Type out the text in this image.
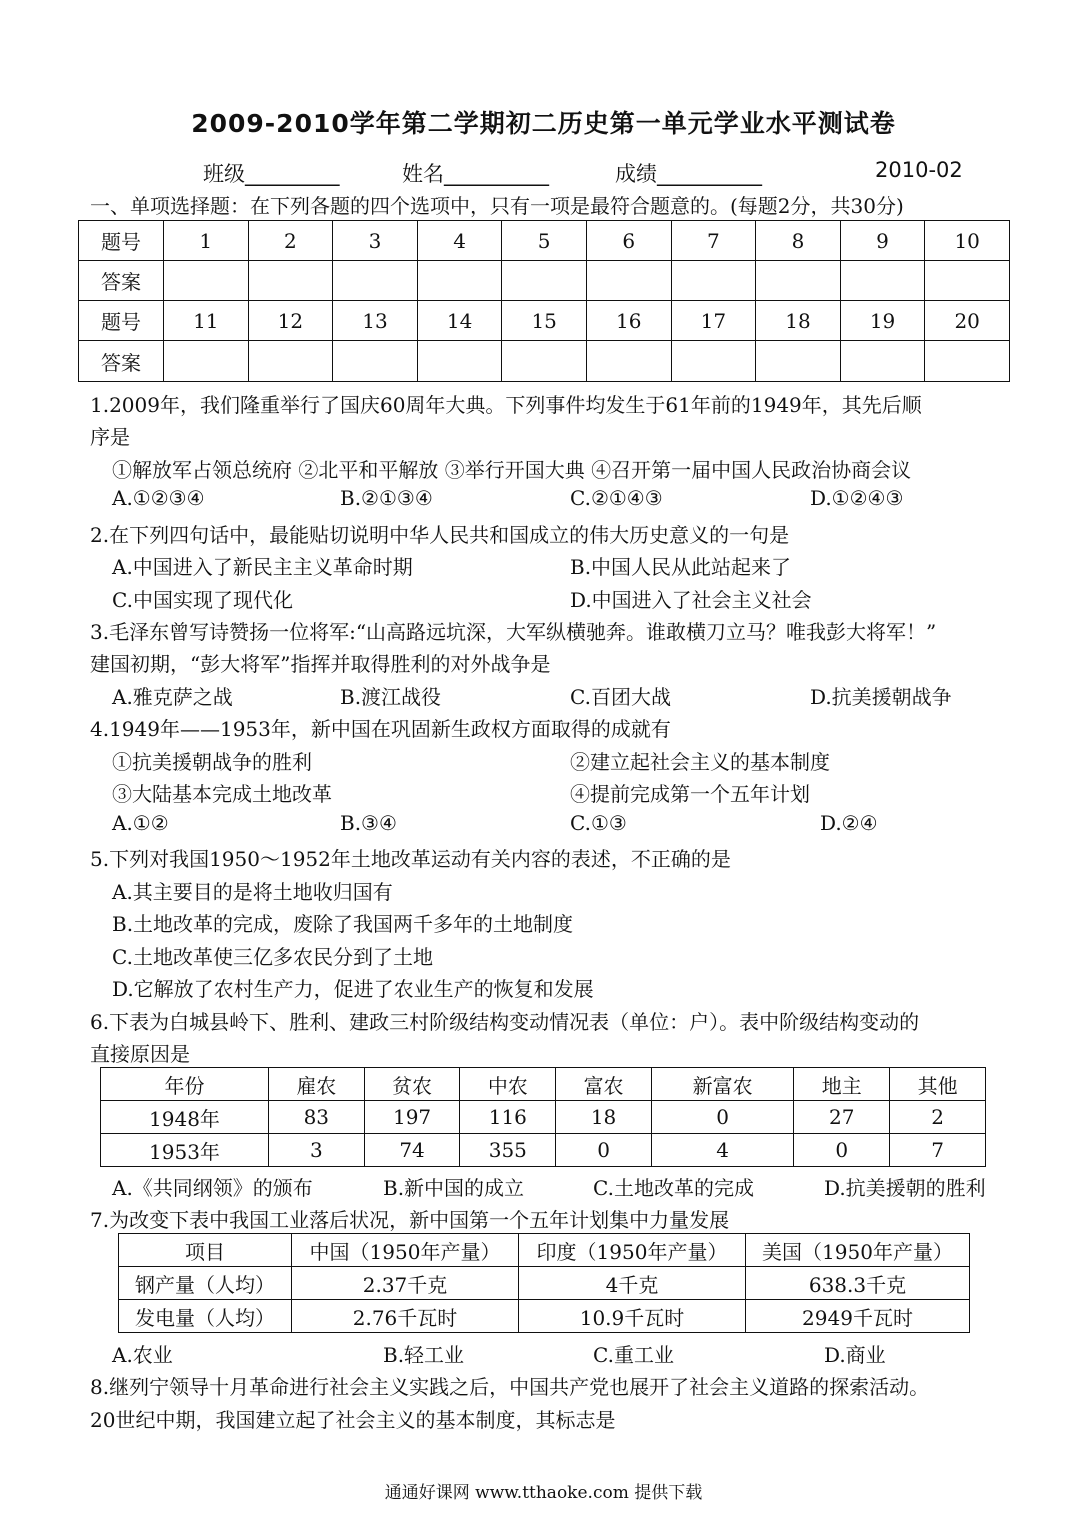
2009-2010学年第二学期初二历史第一单元学业水平测试卷
班级_________	姓名__________	成绩__________	2010-02
一、单项选择题：在下列各题的四个选项中，只有一项是最符合题意的。(每题2分，共30分)
题号	1	2	3	4	5	6	7	8	9	10
答案										
题号	11	12	13	14	15	16	17	18	19	20
答案										
1.2009年，我们隆重举行了国庆60周年大典。下列事件均发生于61年前的1949年，其先后顺
序是
①解放军占领总统府 ②北平和平解放 ③举行开国大典 ④召开第一届中国人民政治协商会议
A.①②③④	B.②①③④	C.②①④③	D.①②④③
2.在下列四句话中，最能贴切说明中华人民共和国成立的伟大历史意义的一句是
A.中国进入了新民主主义革命时期	B.中国人民从此站起来了
C.中国实现了现代化	D.中国进入了社会主义社会
3.毛泽东曾写诗赞扬一位将军:“山高路远坑深，大军纵横驰奔。谁敢横刀立马？唯我彭大将军！”
建国初期，“彭大将军”指挥并取得胜利的对外战争是
A.雅克萨之战	B.渡江战役	C.百团大战	D.抗美援朝战争
4.1949年——1953年，新中国在巩固新生政权方面取得的成就有
①抗美援朝战争的胜利	②建立起社会主义的基本制度
③大陆基本完成土地改革	④提前完成第一个五年计划
A.①②	B.③④	C.①③	D.②④
5.下列对我国1950～1952年土地改革运动有关内容的表述，不正确的是
A.其主要目的是将土地收归国有
B.土地改革的完成，废除了我国两千多年的土地制度
C.土地改革使三亿多农民分到了土地
D.它解放了农村生产力，促进了农业生产的恢复和发展
6.下表为白城县岭下、胜利、建政三村阶级结构变动情况表（单位：户）。表中阶级结构变动的
直接原因是
年份	雇农	贫农	中农	富农	新富农	地主	其他
1948年	83	197	116	18	0	27	2
1953年	3	74	355	0	4	0	7
A.《共同纲领》的颁布	B.新中国的成立	C.土地改革的完成	D.抗美援朝的胜利
7.为改变下表中我国工业落后状况，新中国第一个五年计划集中力量发展
项目	中国（1950年产量）	印度（1950年产量）	美国（1950年产量）
钢产量（人均）	2.37千克	4千克	638.3千克
发电量（人均）	2.76千瓦时	10.9千瓦时	2949千瓦时
A.农业	B.轻工业	C.重工业	D.商业
8.继列宁领导十月革命进行社会主义实践之后，中国共产党也展开了社会主义道路的探索活动。
20世纪中期，我国建立起了社会主义的基本制度，其标志是
通通好课网 www.tthaoke.com 提供下载
